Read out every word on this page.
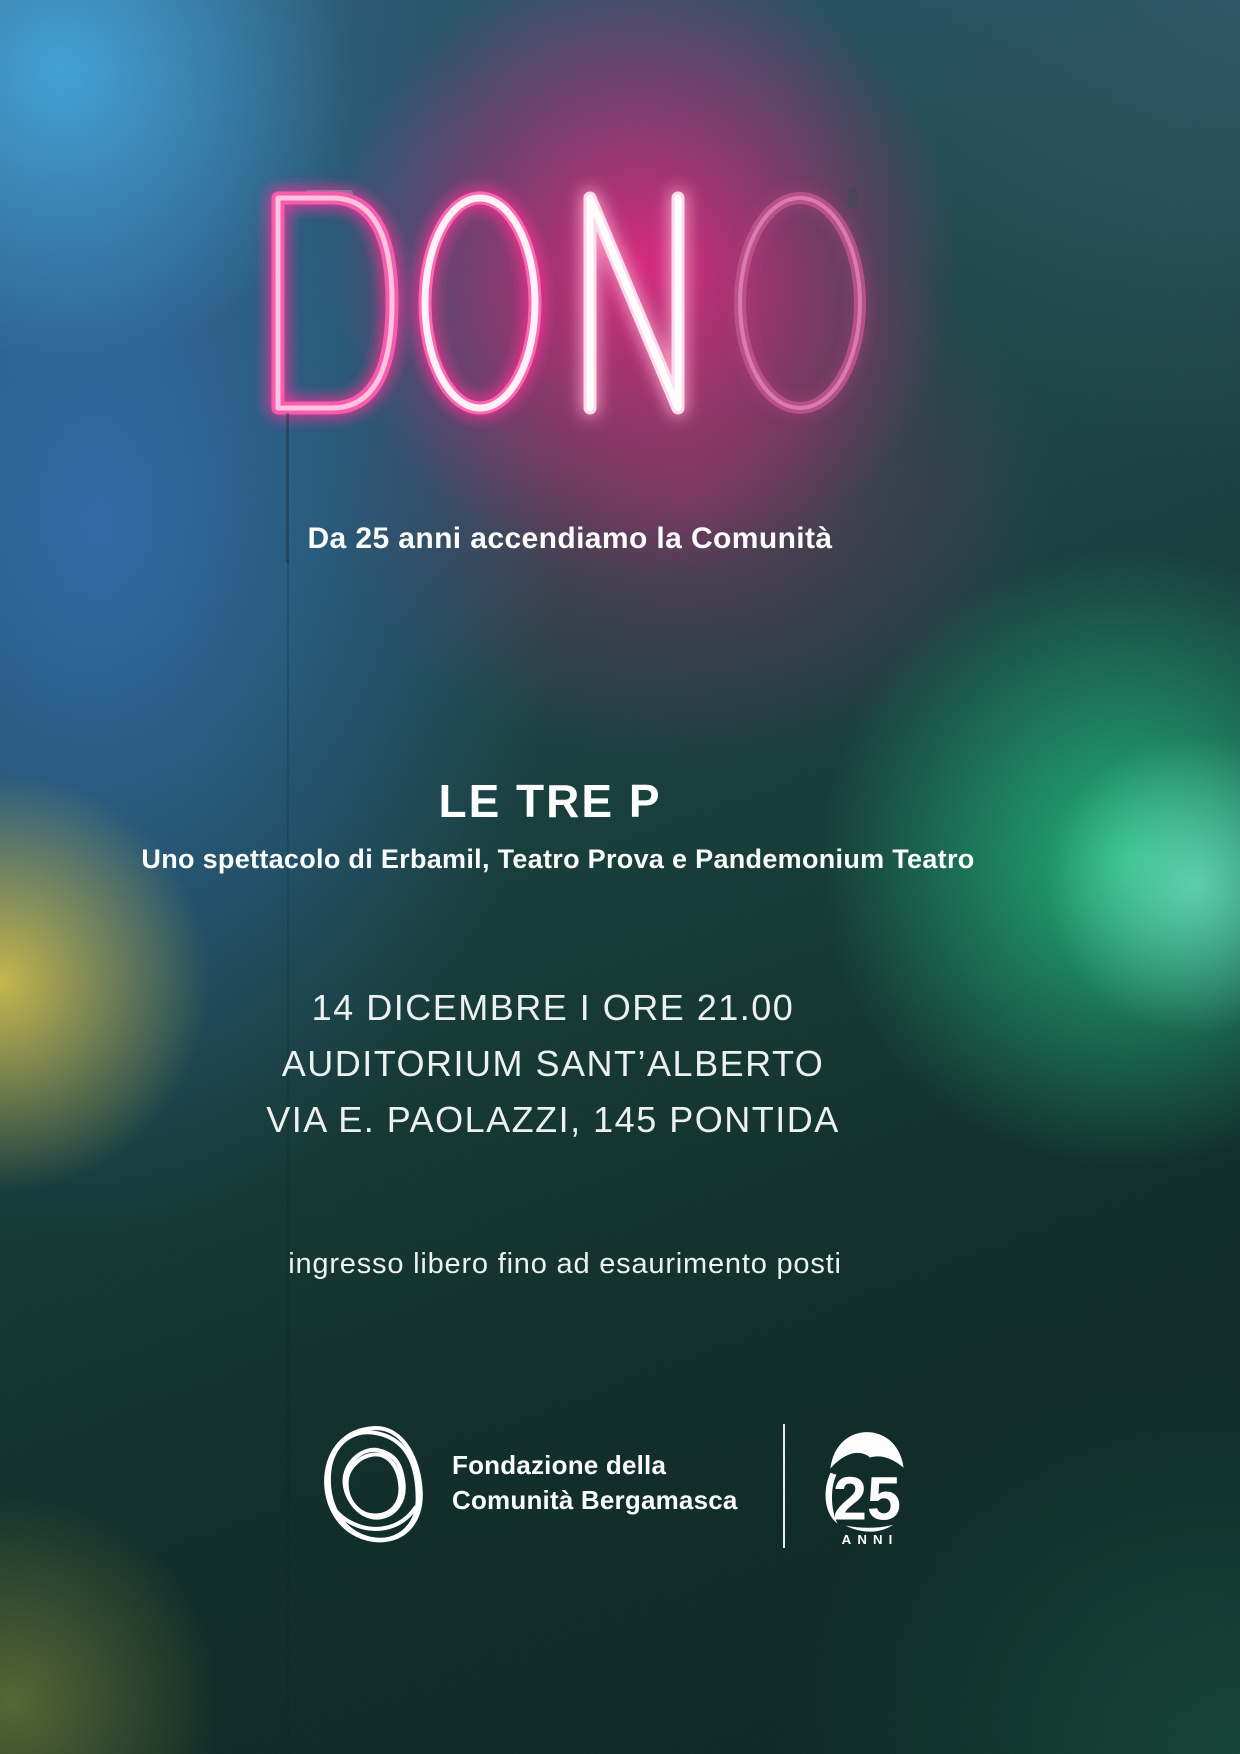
Da 25 anni accendiamo la Comunità
LE TRE P
Uno spettacolo di Erbamil, Teatro Prova e Pandemonium Teatro
14 DICEMBRE I ORE 21.00
AUDITORIUM SANT’ALBERTO
VIA E. PAOLAZZI, 145 PONTIDA
ingresso libero fino ad esaurimento posti
Fondazione della
Comunità Bergamasca 25
ANNI
